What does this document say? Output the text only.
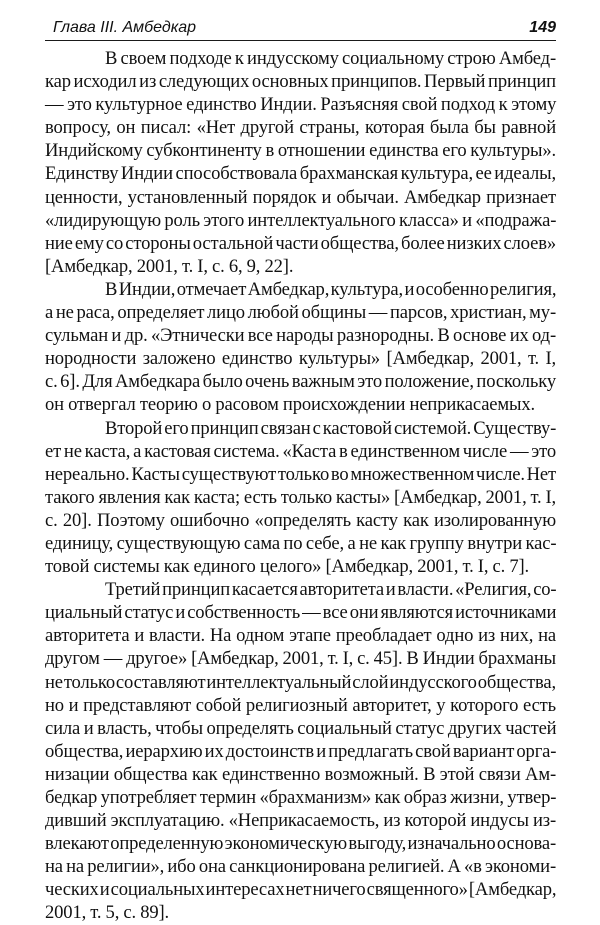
Глава III. Амбедкар	149
В своем подходе к индусскому социальному строю Амбед-
кар исходил из следующих основных принципов. Первый принцип
— это культурное единство Индии. Разъясняя свой подход к этому
вопросу, он писал: «Нет другой страны, которая была бы равной
Индийскому субконтиненту в отношении единства его культуры».
Единству Индии способствовала брахманская культура, ее идеалы,
ценности, установленный порядок и обычаи. Амбедкар признает
«лидирующую роль этого интеллектуального класса» и «подража-
ние ему со стороны остальной части общества, более низких слоев»
[Амбедкар, 2001, т. I, с. 6, 9, 22].
В Индии, отмечает Амбедкар, культура, и особенно религия,
а не раса, определяет лицо любой общины — парсов, христиан, му-
сульман и др. «Этнически все народы разнородны. В основе их од-
нородности заложено единство культуры» [Амбедкар, 2001, т. I,
с. 6]. Для Амбедкара было очень важным это положение, поскольку
он отвергал теорию о расовом происхождении неприкасаемых.
Второй его принцип связан с кастовой системой. Существу-
ет не каста, а кастовая система. «Каста в единственном числе — это
нереально. Касты существуют только во множественном числе. Нет
такого явления как каста; есть только касты» [Амбедкар, 2001, т. I,
с. 20]. Поэтому ошибочно «определять касту как изолированную
единицу, существующую сама по себе, а не как группу внутри кас-
товой системы как единого целого» [Амбедкар, 2001, т. I, с. 7].
Третий принцип касается авторитета и власти. «Религия, со-
циальный статус и собственность — все они являются источниками
авторитета и власти. На одном этапе преобладает одно из них, на
другом — другое» [Амбедкар, 2001, т. I, с. 45]. В Индии брахманы
не только составляют интеллектуальный слой индусского общества,
но и представляют собой религиозный авторитет, у которого есть
сила и власть, чтобы определять социальный статус других частей
общества, иерархию их достоинств и предлагать свой вариант орга-
низации общества как единственно возможный. В этой связи Ам-
бедкар употребляет термин «брахманизм» как образ жизни, утвер-
дивший эксплуатацию. «Неприкасаемость, из которой индусы из-
влекают определенную экономическую выгоду, изначально основа-
на на религии», ибо она санкционирована религией. А «в экономи-
ческих и социальных интересах нет ничего священного» [Амбедкар,
2001, т. 5, с. 89].
